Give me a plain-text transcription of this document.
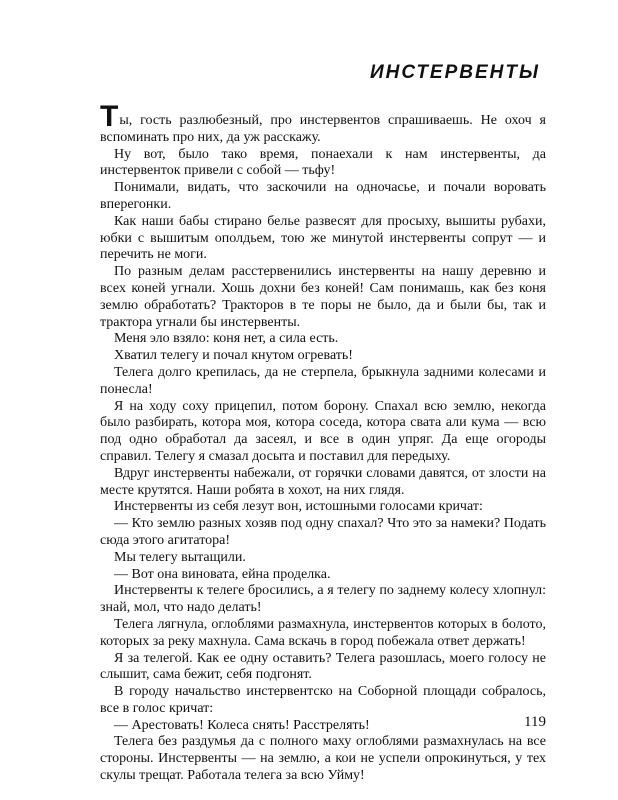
ИНСТЕРВЕНТЫ

Ты, гость разлюбезный, про инстервентов спрашиваешь. Не охоч я вспоминать про них, да уж расскажу.

Ну вот, было тако время, понаехали к нам инстервенты, да инстервенток привели с собой — тьфу!

Понимали, видать, что заскочили на одночасье, и почали воровать вперегонки.

Как наши бабы стирано белье развесят для просыху, вышиты рубахи, юбки с вышитым ополдьем, тою же минутой инстервенты сопрут — и перечить не моги.

По разным делам расстервенились инстервенты на нашу деревню и всех коней угнали. Хошь дохни без коней! Сам понимашь, как без коня землю обработать? Тракторов в те поры не было, да и были бы, так и трактора угнали бы инстервенты.

Меня эло взяло: коня нет, а сила есть.

Хватил телегу и почал кнутом огревать!

Телега долго крепилась, да не стерпела, брыкнула задними колесами и понесла!

Я на ходу соху прицепил, потом борону. Спахал всю землю, некогда было разбирать, котора моя, котора соседа, котора свата али кума — всю под одно обработал да засеял, и все в один упряг. Да еще огороды справил. Телегу я смазал досыта и поставил для передыху.

Вдруг инстервенты набежали, от горячки словами давятся, от злости на месте крутятся. Наши робята в хохот, на них глядя.

Инстервенты из себя лезут вон, истошными голосами кричат:

— Кто землю разных хозяв под одну спахал? Что это за намеки? Подать сюда этого агитатора!

Мы телегу вытащили.

— Вот она виновата, ейна проделка.

Инстервенты к телеге бросились, а я телегу по заднему колесу хлопнул: знай, мол, что надо делать!

Телега лягнула, оглоблями размахнула, инстервентов которых в болото, которых за реку махнула. Сама вскачь в город побежала ответ держать!

Я за телегой. Как ее одну оставить? Телега разошлась, моего голосу не слышит, сама бежит, себя подгонят.

В городу начальство инстервентско на Соборной площади собралось, все в голос кричат:

— Арестовать! Колеса снять! Расстрелять!

Телега без раздумья да с полного маху оглоблями размахнулась на все стороны. Инстервенты — на землю, а кои не успели опрокинуться, у тех скулы трещат. Работала телега за всю Уйму!

119
